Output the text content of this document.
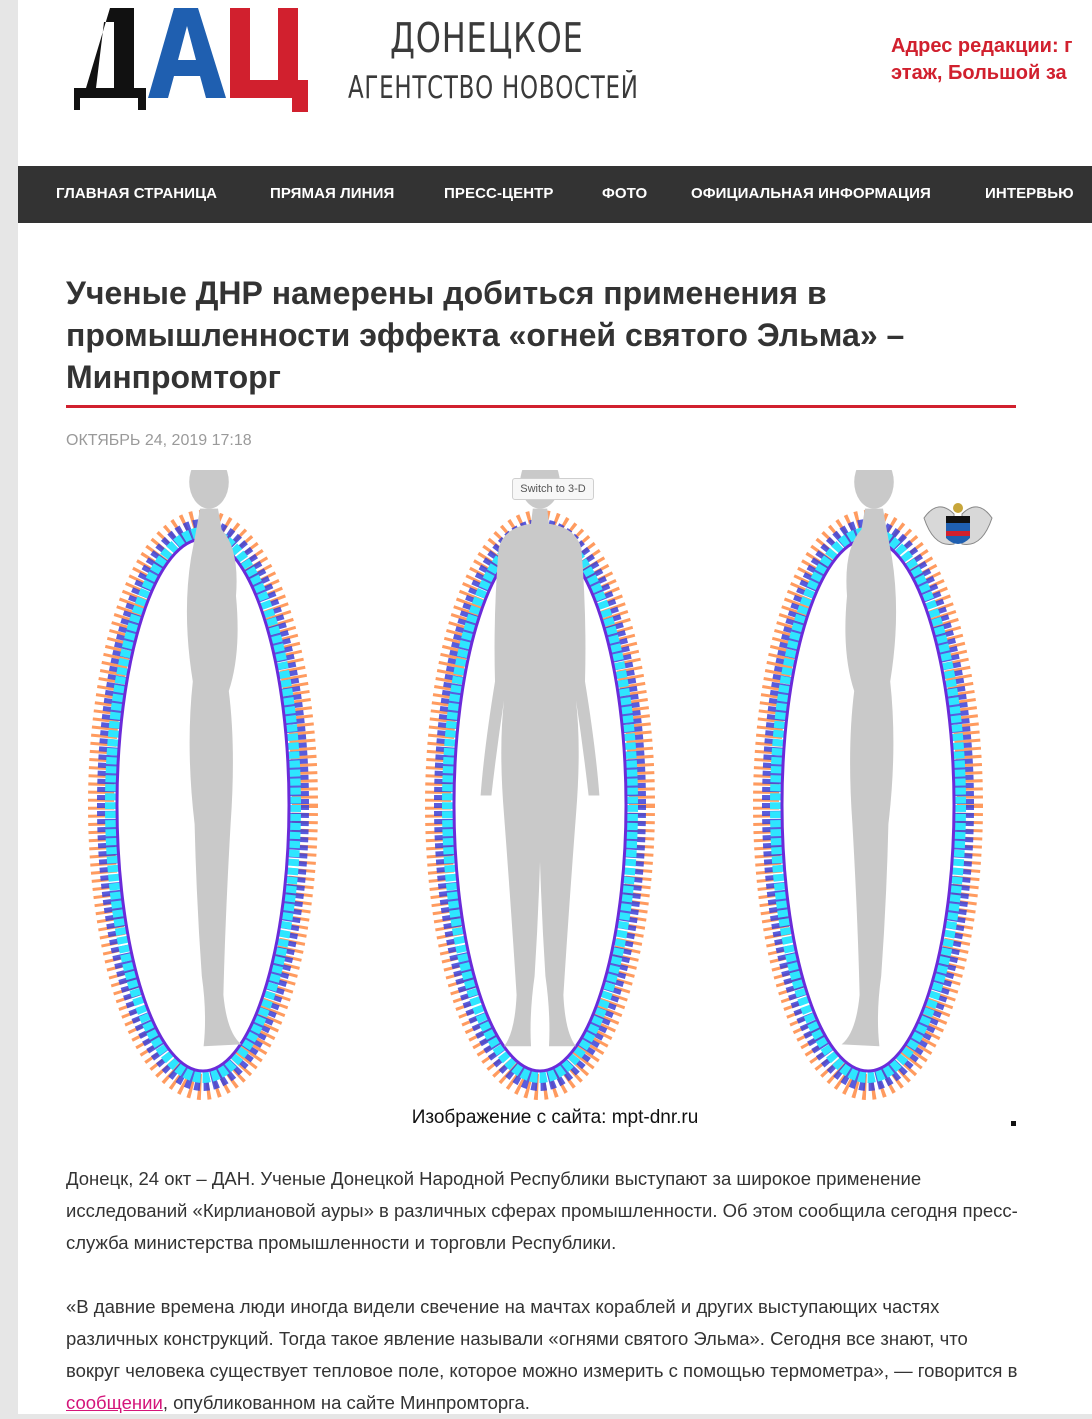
ДОНЕЦКОЕ
АГЕНТСТВО НОВОСТЕЙ
Адрес редакции: г
этаж, Большой за
ГЛАВНАЯ СТРАНИЦА	ПРЯМАЯ ЛИНИЯ	ПРЕСС-ЦЕНТР	ФОТО	ОФИЦИАЛЬНАЯ ИНФОРМАЦИЯ	ИНТЕРВЬЮ
Ученые ДНР намерены добиться применения в промышленности эффекта «огней святого Эльма» – Минпромторг
ОКТЯБРЬ 24, 2019 17:18
Switch to 3-D
Изображение с сайта: mpt-dnr.ru

Донецк, 24 окт – ДАН. Ученые Донецкой Народной Республики выступают за широкое применение исследований «Кирлиановой ауры» в различных сферах промышленности. Об этом сообщила сегодня пресс-служба министерства промышленности и торговли Республики.

«В давние времена люди иногда видели свечение на мачтах кораблей и других выступающих частях различных конструкций. Тогда такое явление называли «огнями святого Эльма». Сегодня все знают, что вокруг человека существует тепловое поле, которое можно измерить с помощью термометра», — говорится в сообщении, опубликованном на сайте Минпромторга.
